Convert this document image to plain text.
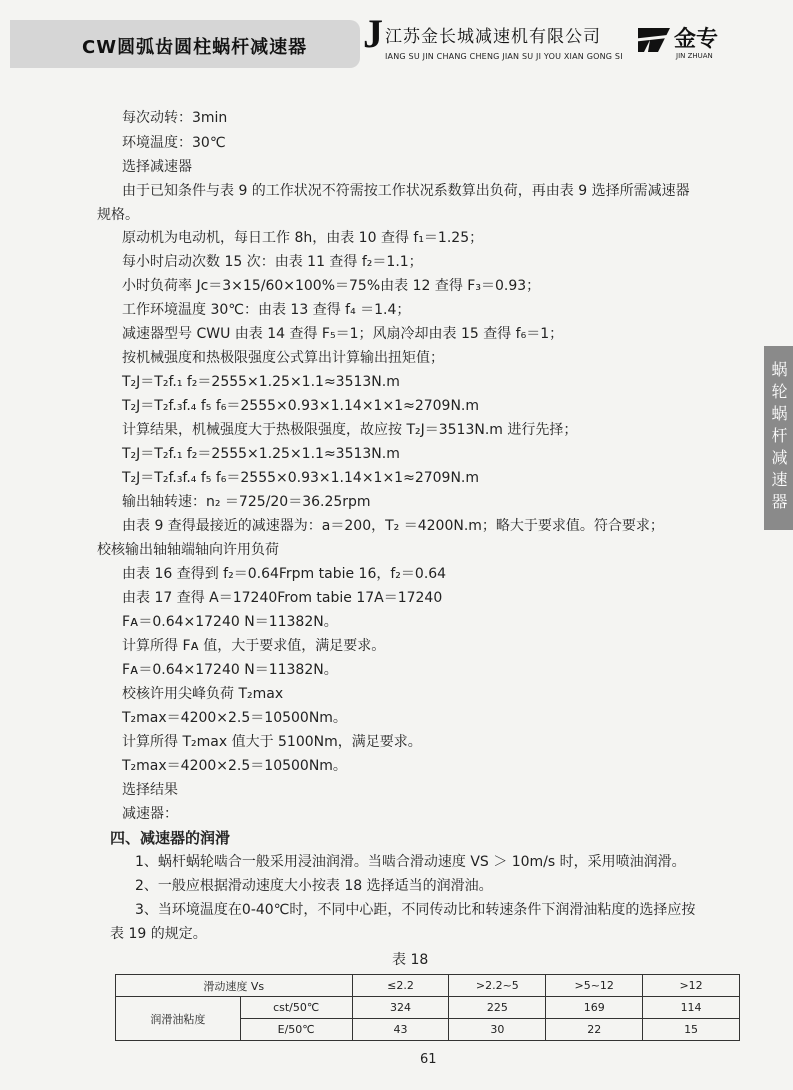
CW圆弧齿圆柱蜗杆减速器 J 江苏金长城减速机有限公司
IANG SU JIN CHANG CHENG JIAN SU JI YOU XIAN GONG SI
金专
JIN ZHUAN
蜗轮蜗杆减速器
每次动转：3min
环境温度：30℃
选择减速器
由于已知条件与表 9 的工作状况不符需按工作状况系数算出负荷，再由表 9 选择所需减速器
规格。
原动机为电动机，每日工作 8h，由表 10 查得 f₁＝1.25；
每小时启动次数 15 次：由表 11 查得 f₂＝1.1；
小时负荷率 Jc＝3×15/60×100%＝75%由表 12 查得 F₃＝0.93；
工作环境温度 30℃：由表 13 查得 f₄ ＝1.4；
减速器型号 CWU 由表 14 查得 F₅＝1；风扇冷却由表 15 查得 f₆＝1；
按机械强度和热极限强度公式算出计算输出扭矩值；
T₂J＝T₂f.₁ f₂＝2555×1.25×1.1≈3513N.m
T₂J＝T₂f.₃f.₄ f₅ f₆＝2555×0.93×1.14×1×1≈2709N.m
计算结果，机械强度大于热极限强度，故应按 T₂J＝3513N.m 进行先择；
T₂J＝T₂f.₁ f₂＝2555×1.25×1.1≈3513N.m
T₂J＝T₂f.₃f.₄ f₅ f₆＝2555×0.93×1.14×1×1≈2709N.m
输出轴转速：n₂ ＝725/20＝36.25rpm
由表 9 查得最接近的减速器为：a＝200，T₂ ＝4200N.m；略大于要求值。符合要求；
校核输出轴轴端轴向许用负荷
由表 16 查得到 f₂＝0.64Frpm tabie 16，f₂＝0.64
由表 17 查得 A＝17240From tabie 17A＝17240
Fᴀ＝0.64×17240 N＝11382N。
计算所得 Fᴀ 值，大于要求值，满足要求。
Fᴀ＝0.64×17240 N＝11382N。
校核许用尖峰负荷 T₂max
T₂max＝4200×2.5＝10500Nm。
计算所得 T₂max 值大于 5100Nm，满足要求。
T₂max＝4200×2.5＝10500Nm。
选择结果
减速器：
四、减速器的润滑
1、蜗杆蜗轮啮合一般采用浸油润滑。当啮合滑动速度 VS ＞ 10m/s 时，采用喷油润滑。
2、一般应根据滑动速度大小按表 18 选择适当的润滑油。
3、当环境温度在0-40℃时，不同中心距，不同传动比和转速条件下润滑油粘度的选择应按
表 19 的规定。
表 18
滑动速度 Vs		≤2.2	>2.2~5	>5~12	>12
润滑油粘度	cst/50℃	324	225	169	114
	E/50℃	43	30	22	15
61
